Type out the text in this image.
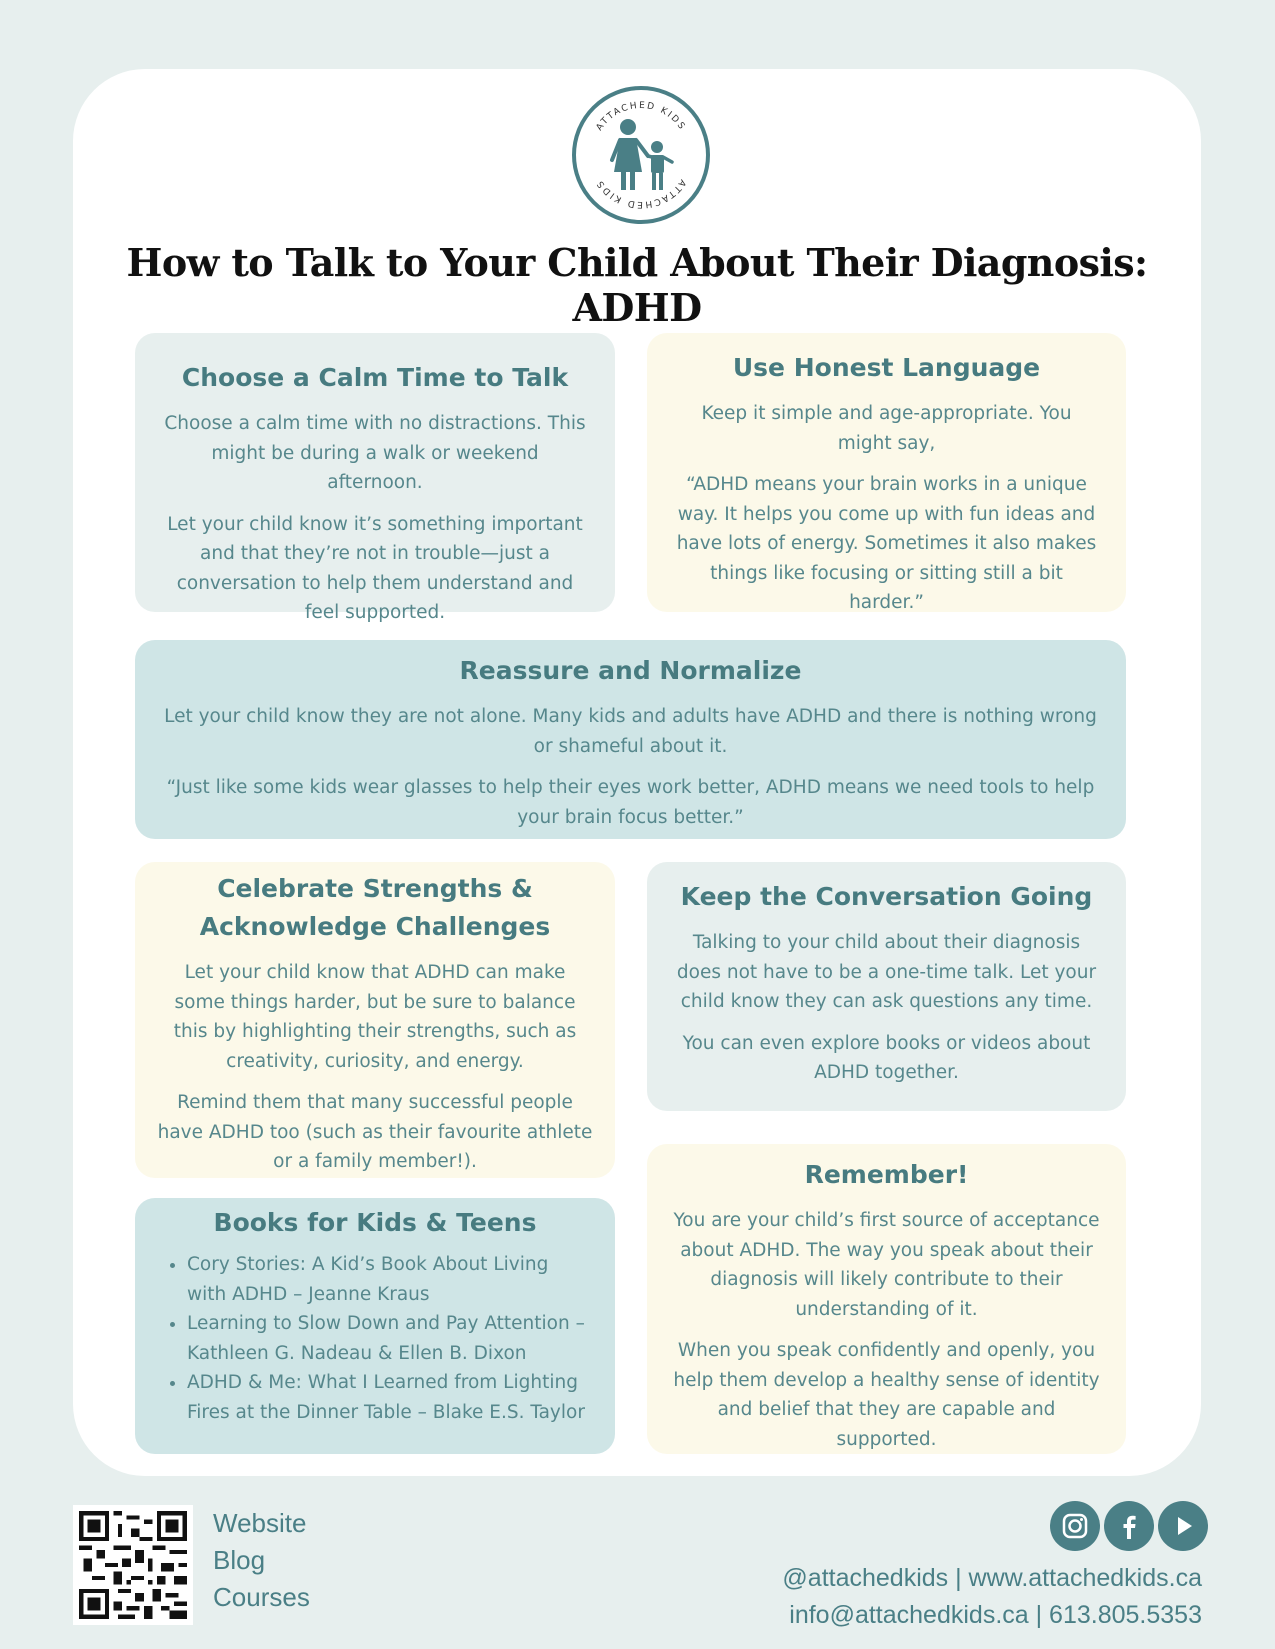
ATTACHED KIDS
ATTACHED KIDS
How to Talk to Your Child About Their Diagnosis: ADHD
Choose a Calm Time to Talk

Choose a calm time with no distractions. This might be during a walk or weekend afternoon.

Let your child know it’s something important and that they’re not in trouble—just a conversation to help them understand and feel supported.

Use Honest Language

Keep it simple and age-appropriate. You might say,

“ADHD means your brain works in a unique way. It helps you come up with fun ideas and have lots of energy. Sometimes it also makes things like focusing or sitting still a bit harder.”

Reassure and Normalize

Let your child know they are not alone. Many kids and adults have ADHD and there is nothing wrong or shameful about it.

“Just like some kids wear glasses to help their eyes work better, ADHD means we need tools to help your brain focus better.”

Celebrate Strengths & Acknowledge Challenges

Let your child know that ADHD can make some things harder, but be sure to balance this by highlighting their strengths, such as creativity, curiosity, and energy.

Remind them that many successful people have ADHD too (such as their favourite athlete or a family member!).

Keep the Conversation Going

Talking to your child about their diagnosis does not have to be a one-time talk. Let your child know they can ask questions any time.

You can even explore books or videos about ADHD together.

Books for Kids & Teens
• Cory Stories: A Kid’s Book About Living with ADHD – Jeanne Kraus
• Learning to Slow Down and Pay Attention – Kathleen G. Nadeau & Ellen B. Dixon
• ADHD & Me: What I Learned from Lighting Fires at the Dinner Table – Blake E.S. Taylor
Remember!

You are your child’s first source of acceptance about ADHD. The way you speak about their diagnosis will likely contribute to their understanding of it.

When you speak confidently and openly, you help them develop a healthy sense of identity and belief that they are capable and supported.

Website
Blog
Courses
@attachedkids | www.attachedkids.ca
info@attachedkids.ca | 613.805.5353
